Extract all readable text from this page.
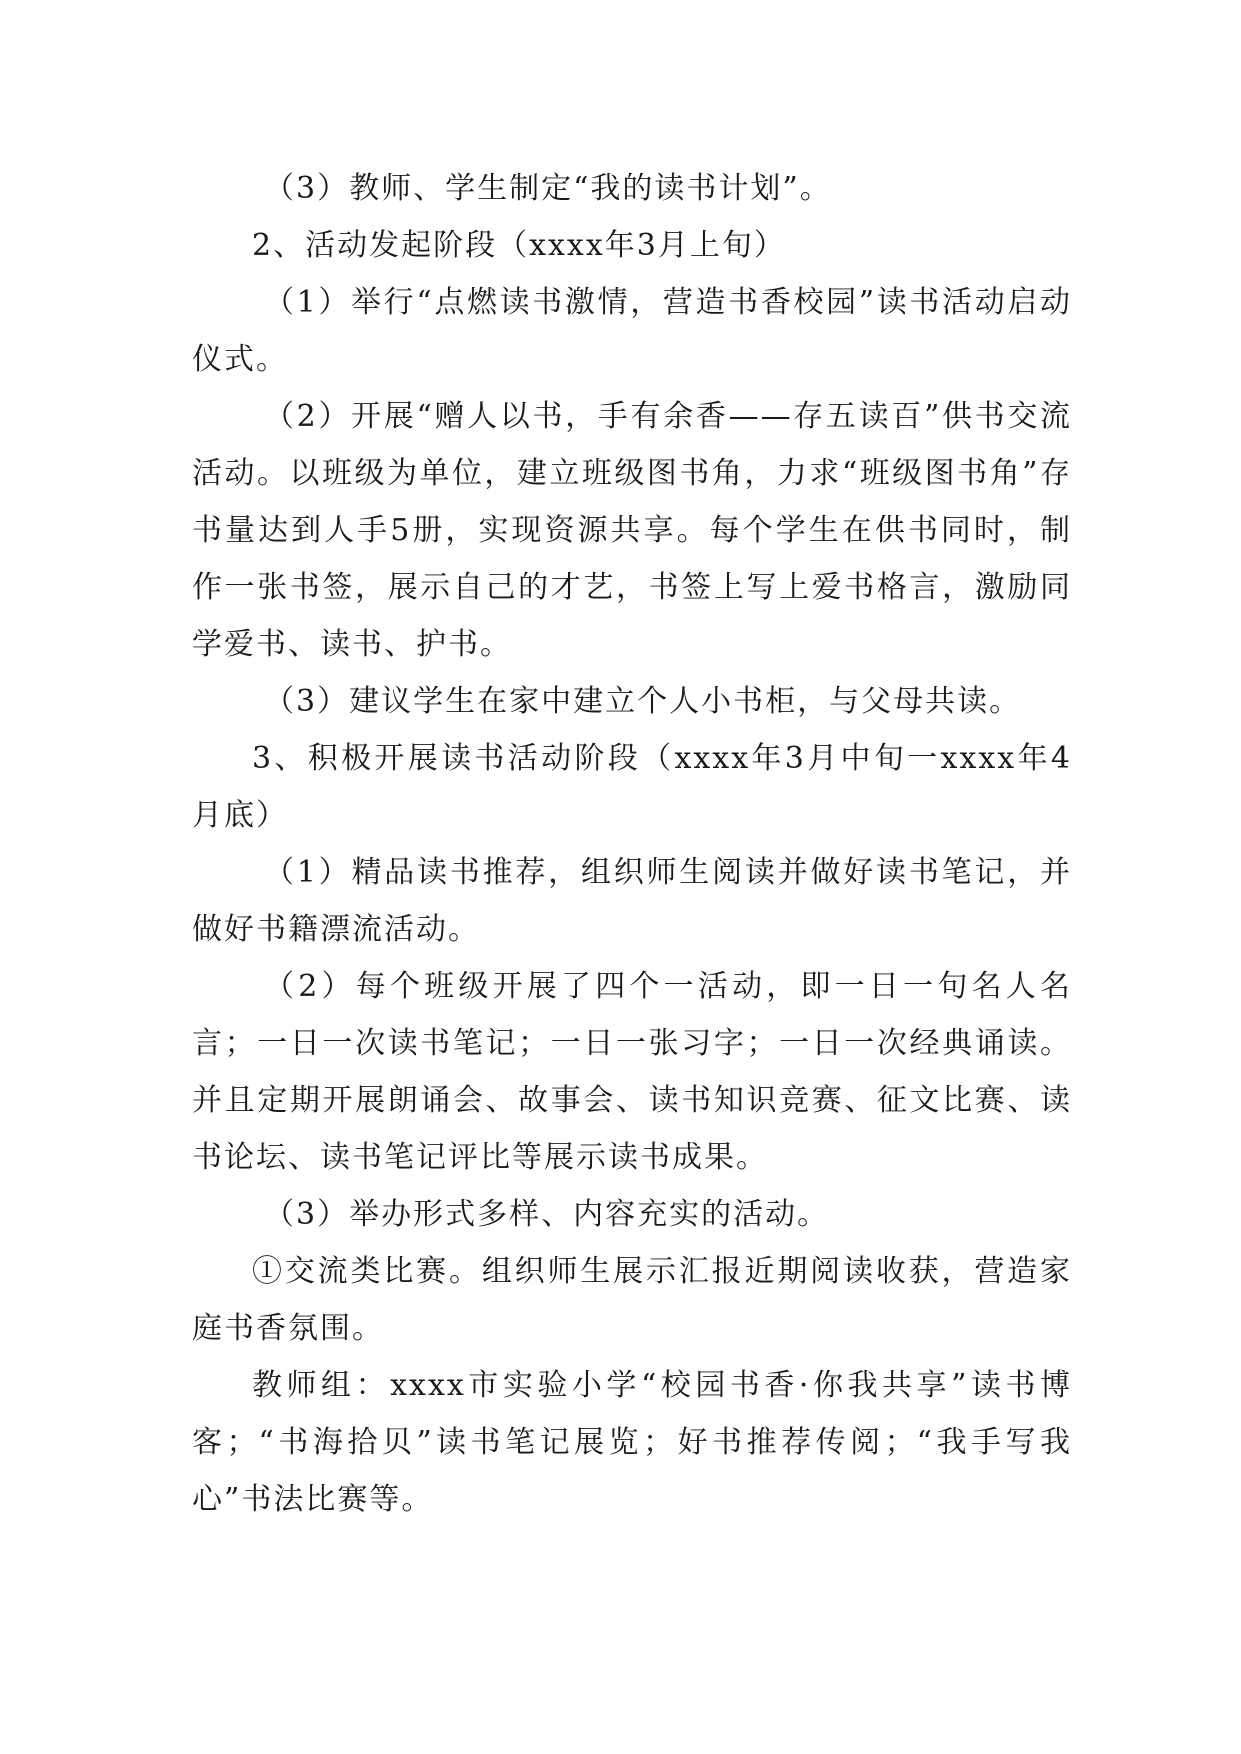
（3）教师、学生制定“我的读书计划”。

2、活动发起阶段（xxxx年3月上旬）

（1）举行“点燃读书激情，营造书香校园”读书活动启动仪式。

（2）开展“赠人以书，手有余香——存五读百”供书交流活动。以班级为单位，建立班级图书角，力求“班级图书角”存书量达到人手5册，实现资源共享。每个学生在供书同时，制作一张书签，展示自己的才艺，书签上写上爱书格言，激励同学爱书、读书、护书。

（3）建议学生在家中建立个人小书柜，与父母共读。

3、积极开展读书活动阶段（xxxx年3月中旬一xxxx年4月底）

（1）精品读书推荐，组织师生阅读并做好读书笔记，并做好书籍漂流活动。

（2）每个班级开展了四个一活动，即一日一句名人名言；一日一次读书笔记；一日一张习字；一日一次经典诵读。并且定期开展朗诵会、故事会、读书知识竞赛、征文比赛、读书论坛、读书笔记评比等展示读书成果。

（3）举办形式多样、内容充实的活动。

①交流类比赛。组织师生展示汇报近期阅读收获，营造家庭书香氛围。

教师组：xxxx市实验小学“校园书香·你我共享”读书博客；“书海拾贝”读书笔记展览；好书推荐传阅；“我手写我心”书法比赛等。
